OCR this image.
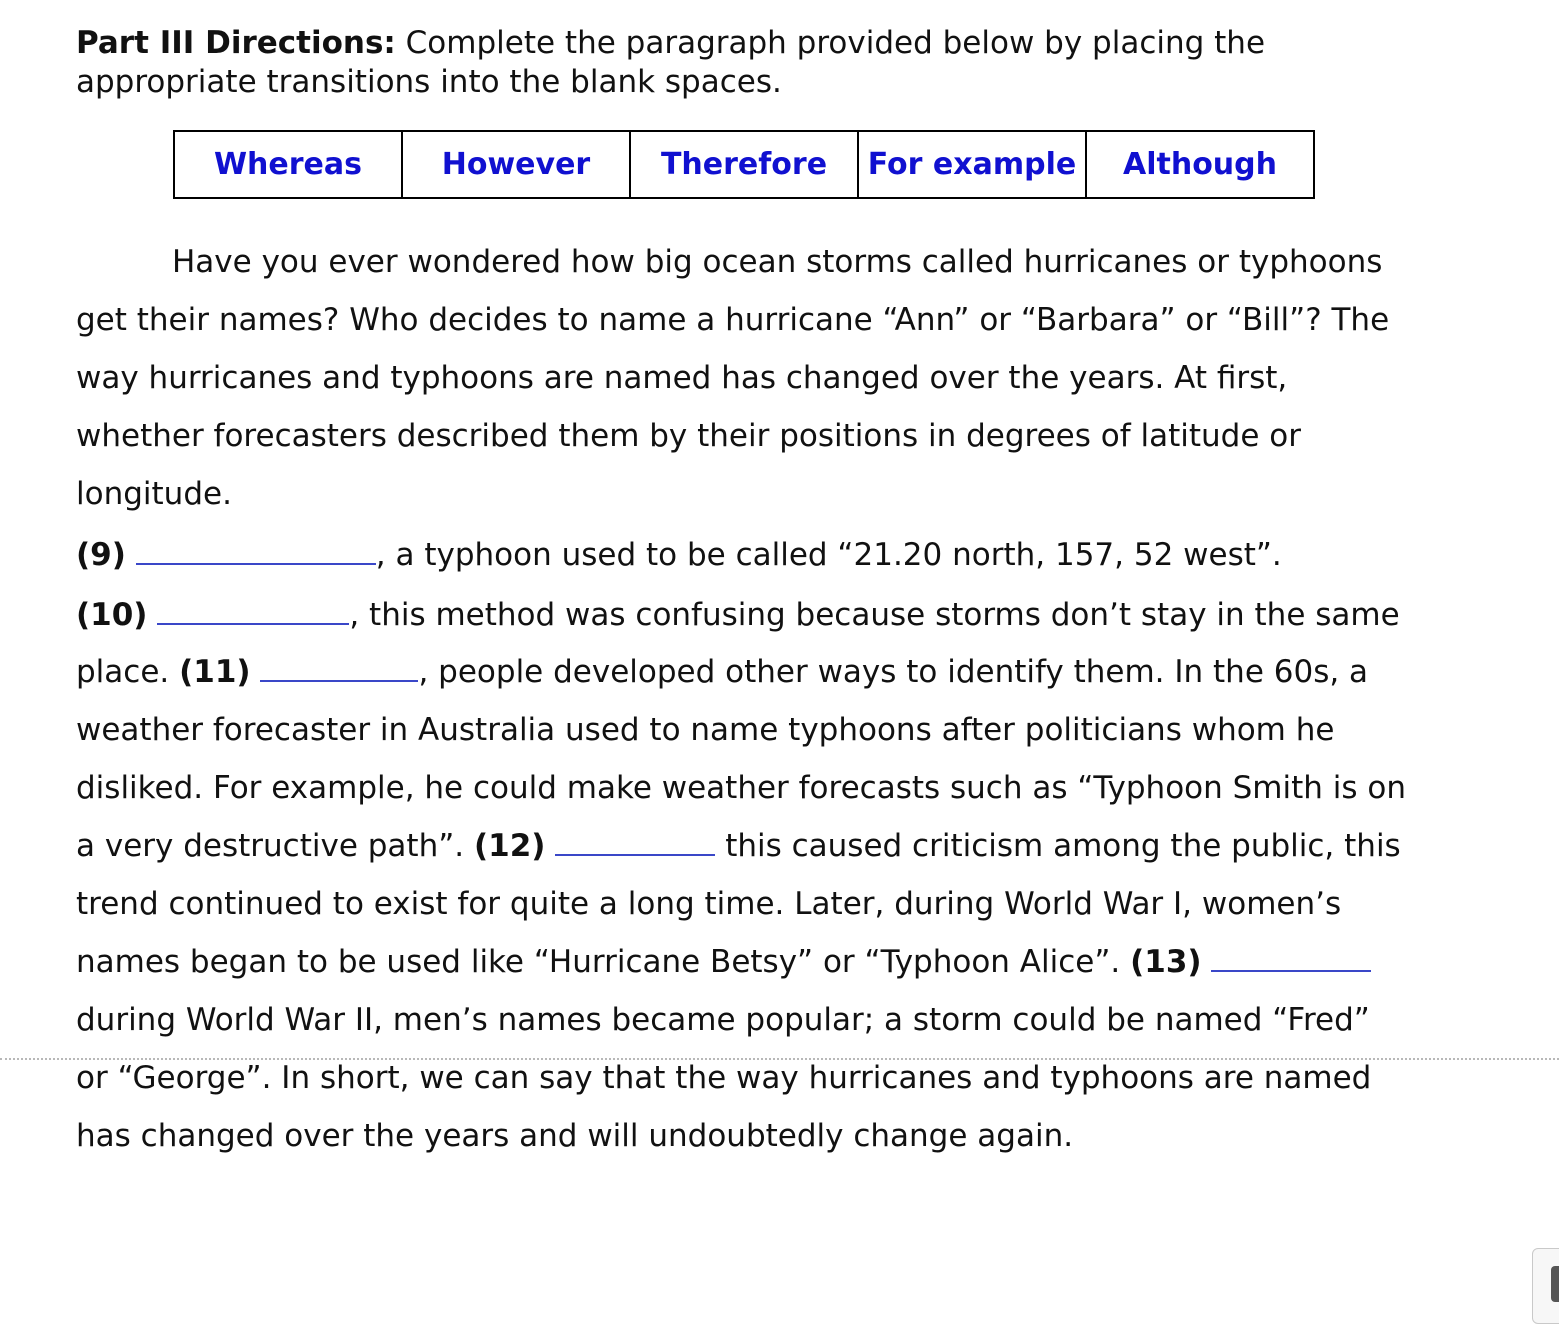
Part III Directions: Complete the paragraph provided below by placing the
appropriate transitions into the blank spaces.
Whereas	However	Therefore	For example	Although

Have you ever wondered how big ocean storms called hurricanes or typhoons

get their names? Who decides to name a hurricane “Ann” or “Barbara” or “Bill”? The

way hurricanes and typhoons are named has changed over the years. At first,

whether forecasters described them by their positions in degrees of latitude or

longitude.

(9)	, a typhoon used to be called “21.20 north, 157, 52 west”.

(10)	, this method was confusing because storms don’t stay in the same

place. (11)	, people developed other ways to identify them. In the 60s, a

weather forecaster in Australia used to name typhoons after politicians whom he

disliked. For example, he could make weather forecasts such as “Typhoon Smith is on

a very destructive path”. (12)	this caused criticism among the public, this

trend continued to exist for quite a long time. Later, during World War I, women’s

names began to be used like “Hurricane Betsy” or “Typhoon Alice”. (13)

during World War II, men’s names became popular; a storm could be named “Fred”

or “George”. In short, we can say that the way hurricanes and typhoons are named

has changed over the years and will undoubtedly change again.
